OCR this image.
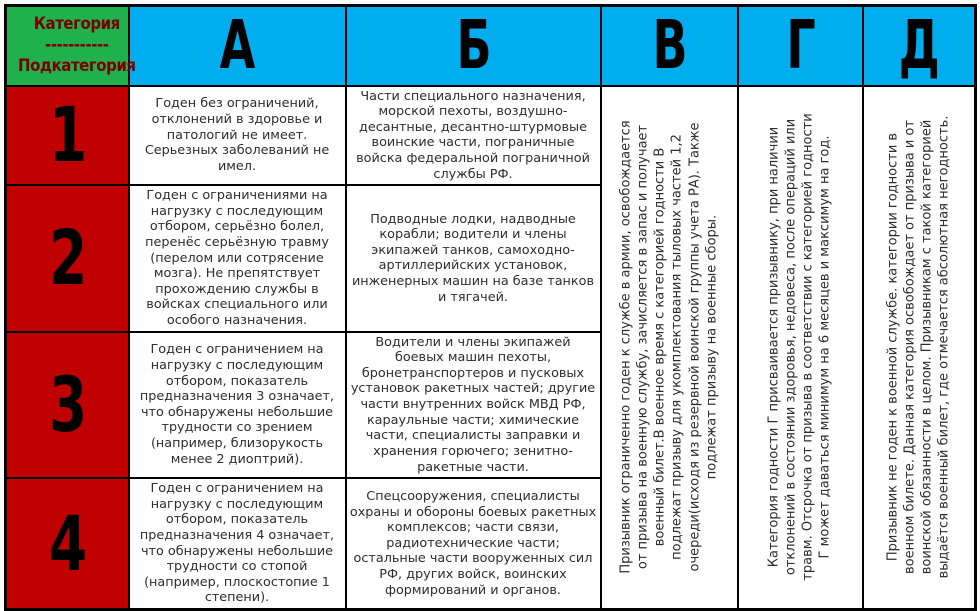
Категория
-----------
Подкатегория	А	Б	В	Г	Д
1	Годен без ограничений, отклонений в здоровье и патологий не имеет. Серьезных заболеваний не имел.	Части специального назначения, морской пехоты, воздушно-десантные, десантно-штурмовые воинские части, пограничные войска федеральной пограничной службы РФ.	Призывник ограниченно годен к службе в армии, освобождается от призыва на военную службу, зачисляется в запас и получает военный билет.В военное время с категорией годности В подлежат призыву для укомплектования тыловых частей 1,2 очереди(исходя из резервной воинской группы учета РА). Также подлежат призыву на военные сборы.	Категория годности Г присваивается призывнику, при наличии отклонений в состоянии здоровья, недовеса, после операций или травм. Отсрочка от призыва в соответствии с категорией годности Г может даваться минимум на 6 месяцев и максимум на год.	Призывник не годен к военной службе. категории годности в военном билете. Данная категория освобождает от призыва и от воинской обязанности в целом. Призывникам с такой категорией выдаётся военный билет, где отмечается абсолютная негодность.

2	Годен с ограничениями на нагрузку с последующим отбором, серьёзно болел, перенёс серьёзную травму (перелом или сотрясение мозга). Не препятствует прохождению службы в войсках специального или особого назначения.	Подводные лодки, надводные корабли; водители и члены экипажей танков, самоходно-артиллерийских установок, инженерных машин на базе танков и тягачей.			
3	Годен с ограничением на нагрузку с последующим отбором, показатель предназначения 3 означает, что обнаружены небольшие трудности со зрением (например, близорукость менее 2 диоптрий).	Водители и члены экипажей боевых машин пехоты, бронетранспортеров и пусковых установок ракетных частей; другие части внутренних войск МВД РФ, караульные части; химические части, специалисты заправки и хранения горючего; зенитно-ракетные части.			
4	Годен с ограничением на нагрузку с последующим отбором, показатель предназначения 4 означает, что обнаружены небольшие трудности со стопой (например, плоскостопие 1 степени).	Спецсооружения, специалисты охраны и обороны боевых ракетных комплексов; части связи, радиотехнические части; остальные части вооруженных сил РФ, других войск, воинских формирований и органов.			
